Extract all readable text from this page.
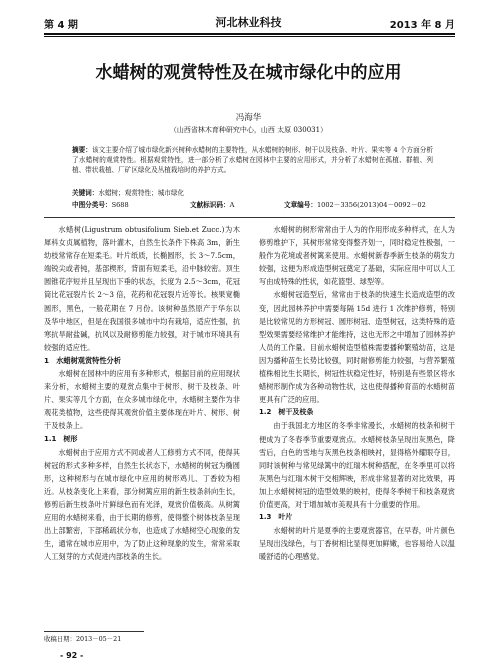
第 4 期	河北林业科技	2013 年 8 月
水蜡树的观赏特性及在城市绿化中的应用
冯海华
（山西省林木育种研究中心，山西 太原 030031）
摘要：该文主要介绍了城市绿化新兴树种水蜡树的主要特性，从水蜡树的树形、树干以及枝条、叶片、果实等 4 个方面分析了水蜡树的观赏特性。根据观赏特性，进一部分析了水蜡树在园林中主要的应用形式，并分析了水蜡树在孤植、群植、列植、带状栽植、厂矿区绿化及丛植栽培时的养护方式。
关键词：水蜡树；观赏特性；城市绿化
中图分类号：S688	文献标识码：A	文章编号：1002－3356(2013)04－0092－02

水蜡树(Ligustrum obtusifolium Sieb.et Zucc.)为木犀科女贞属植物，落叶灌木，自然生长条件下株高 3m，新生幼枝常常存在短柔毛。叶片纸质，长椭圆形，长 3～7.5cm，端锐尖或者钝，基部楔形，背面有短柔毛，沿中脉较密。顶生圆锥花序短并且呈现出下垂的状态，长度为 2.5～3cm，花冠筒比花冠裂片长 2～3 倍，花药和花冠裂片近等长。核果宽椭圆形，黑色，一般花期在 7 月份。该树种虽然原产于华东以及华中地区，但是在我国很多城市中均有栽培，适应性强，抗寒抗旱耐盐碱，抗风以及耐修剪能力较强，对于城市环境具有较强的适应性。

1　水蜡树观赏特性分析

水蜡树在园林中的应用有多种形式，根据目前的应用现状来分析，水蜡树主要的观赏点集中于树形、树干及枝条、叶片、果实等几个方面，在众多城市绿化中，水蜡树主要作为非观花类植物，这些使得其观赏价值主要体现在叶片、树形、树干及枝条上。

1.1　树形

水蜡树由于应用方式不同或者人工修剪方式不同，使得其树冠的形式多种多样，自然生长状态下，水蜡树的树冠为椭圆形，这种树形与在城市绿化中应用的树形鸡儿、丁香较为相近。从枝条变化上来看，部分树篱应用的新生枝条斜向生长，修剪后新生枝条叶片鲜绿色而有光泽，观赏价值极高。从树篱应用的水蜡树来看，由于长期的修剪，使得整个树体枝条呈现出上部繁密，下部稀疏状分布，也造成了水蜡树空心现象的发生，通常在城市应用中，为了防止这种现象的发生，常常采取人工刻芽的方式促进内部枝条的生长。

水蜡树的树形常常由于人为的作用形成多种样式，在人为修剪维护下，其树形常常变得整齐划一，同时稳定性极强，一般作为花境或者树篱来使用。水蜡树新春季新生枝条的萌发力较强，这便为形成造型树冠奠定了基础，实际应用中可以人工写由成特殊的性状，如花篮型、球型等。

水蜡树冠造型后，常常由于枝条的快速生长造成造型的改变，因此园林养护中需要每隔 15d 进行 1 次维护修剪，特别是比较常见的方形树冠、圆形树冠、造型树冠，这类特殊的造型效果需要经常维护才能维持，这也无形之中增加了园林养护人员的工作量。目前水蜡树造型植株需要播种繁殖幼苗，这是因为播种苗生长势比较强，同时耐修剪能力较强，与营养繁殖植株相比生长期长，树冠性状稳定性好，特别是有些景区将水蜡树形制作成为各种动物性状，这也使得播种育苗的水蜡树苗更具有广泛的应用。

1.2　树干及枝条

由于我国北方地区的冬季非常漫长，水蜡树的枝条和树干便成为了冬春季节重要观赏点。水蜡树枝条呈现出灰黑色，降雪后，白色的雪地与灰黑色枝条相映衬，显得格外耀眼夺目，同时该树种与常见绿篱中的红瑞木树种搭配，在冬季里可以将灰黑色与红瑞木树干交相辉映，形成非常显著的对比效果，再加上水蜡树树冠的造型效果的映衬，使得冬季树干和枝条观赏价值更高，对于增加城市美观具有十分重要的作用。

1.3　叶片

水蜡树的叶片是夏季的主要观赏器官，在早春，叶片颜色呈现出浅绿色，与丁香树相比显得更加鲜嫩，也容易给人以温暖舒适的心理感觉。

收稿日期：2013－05－21
- 92 -
